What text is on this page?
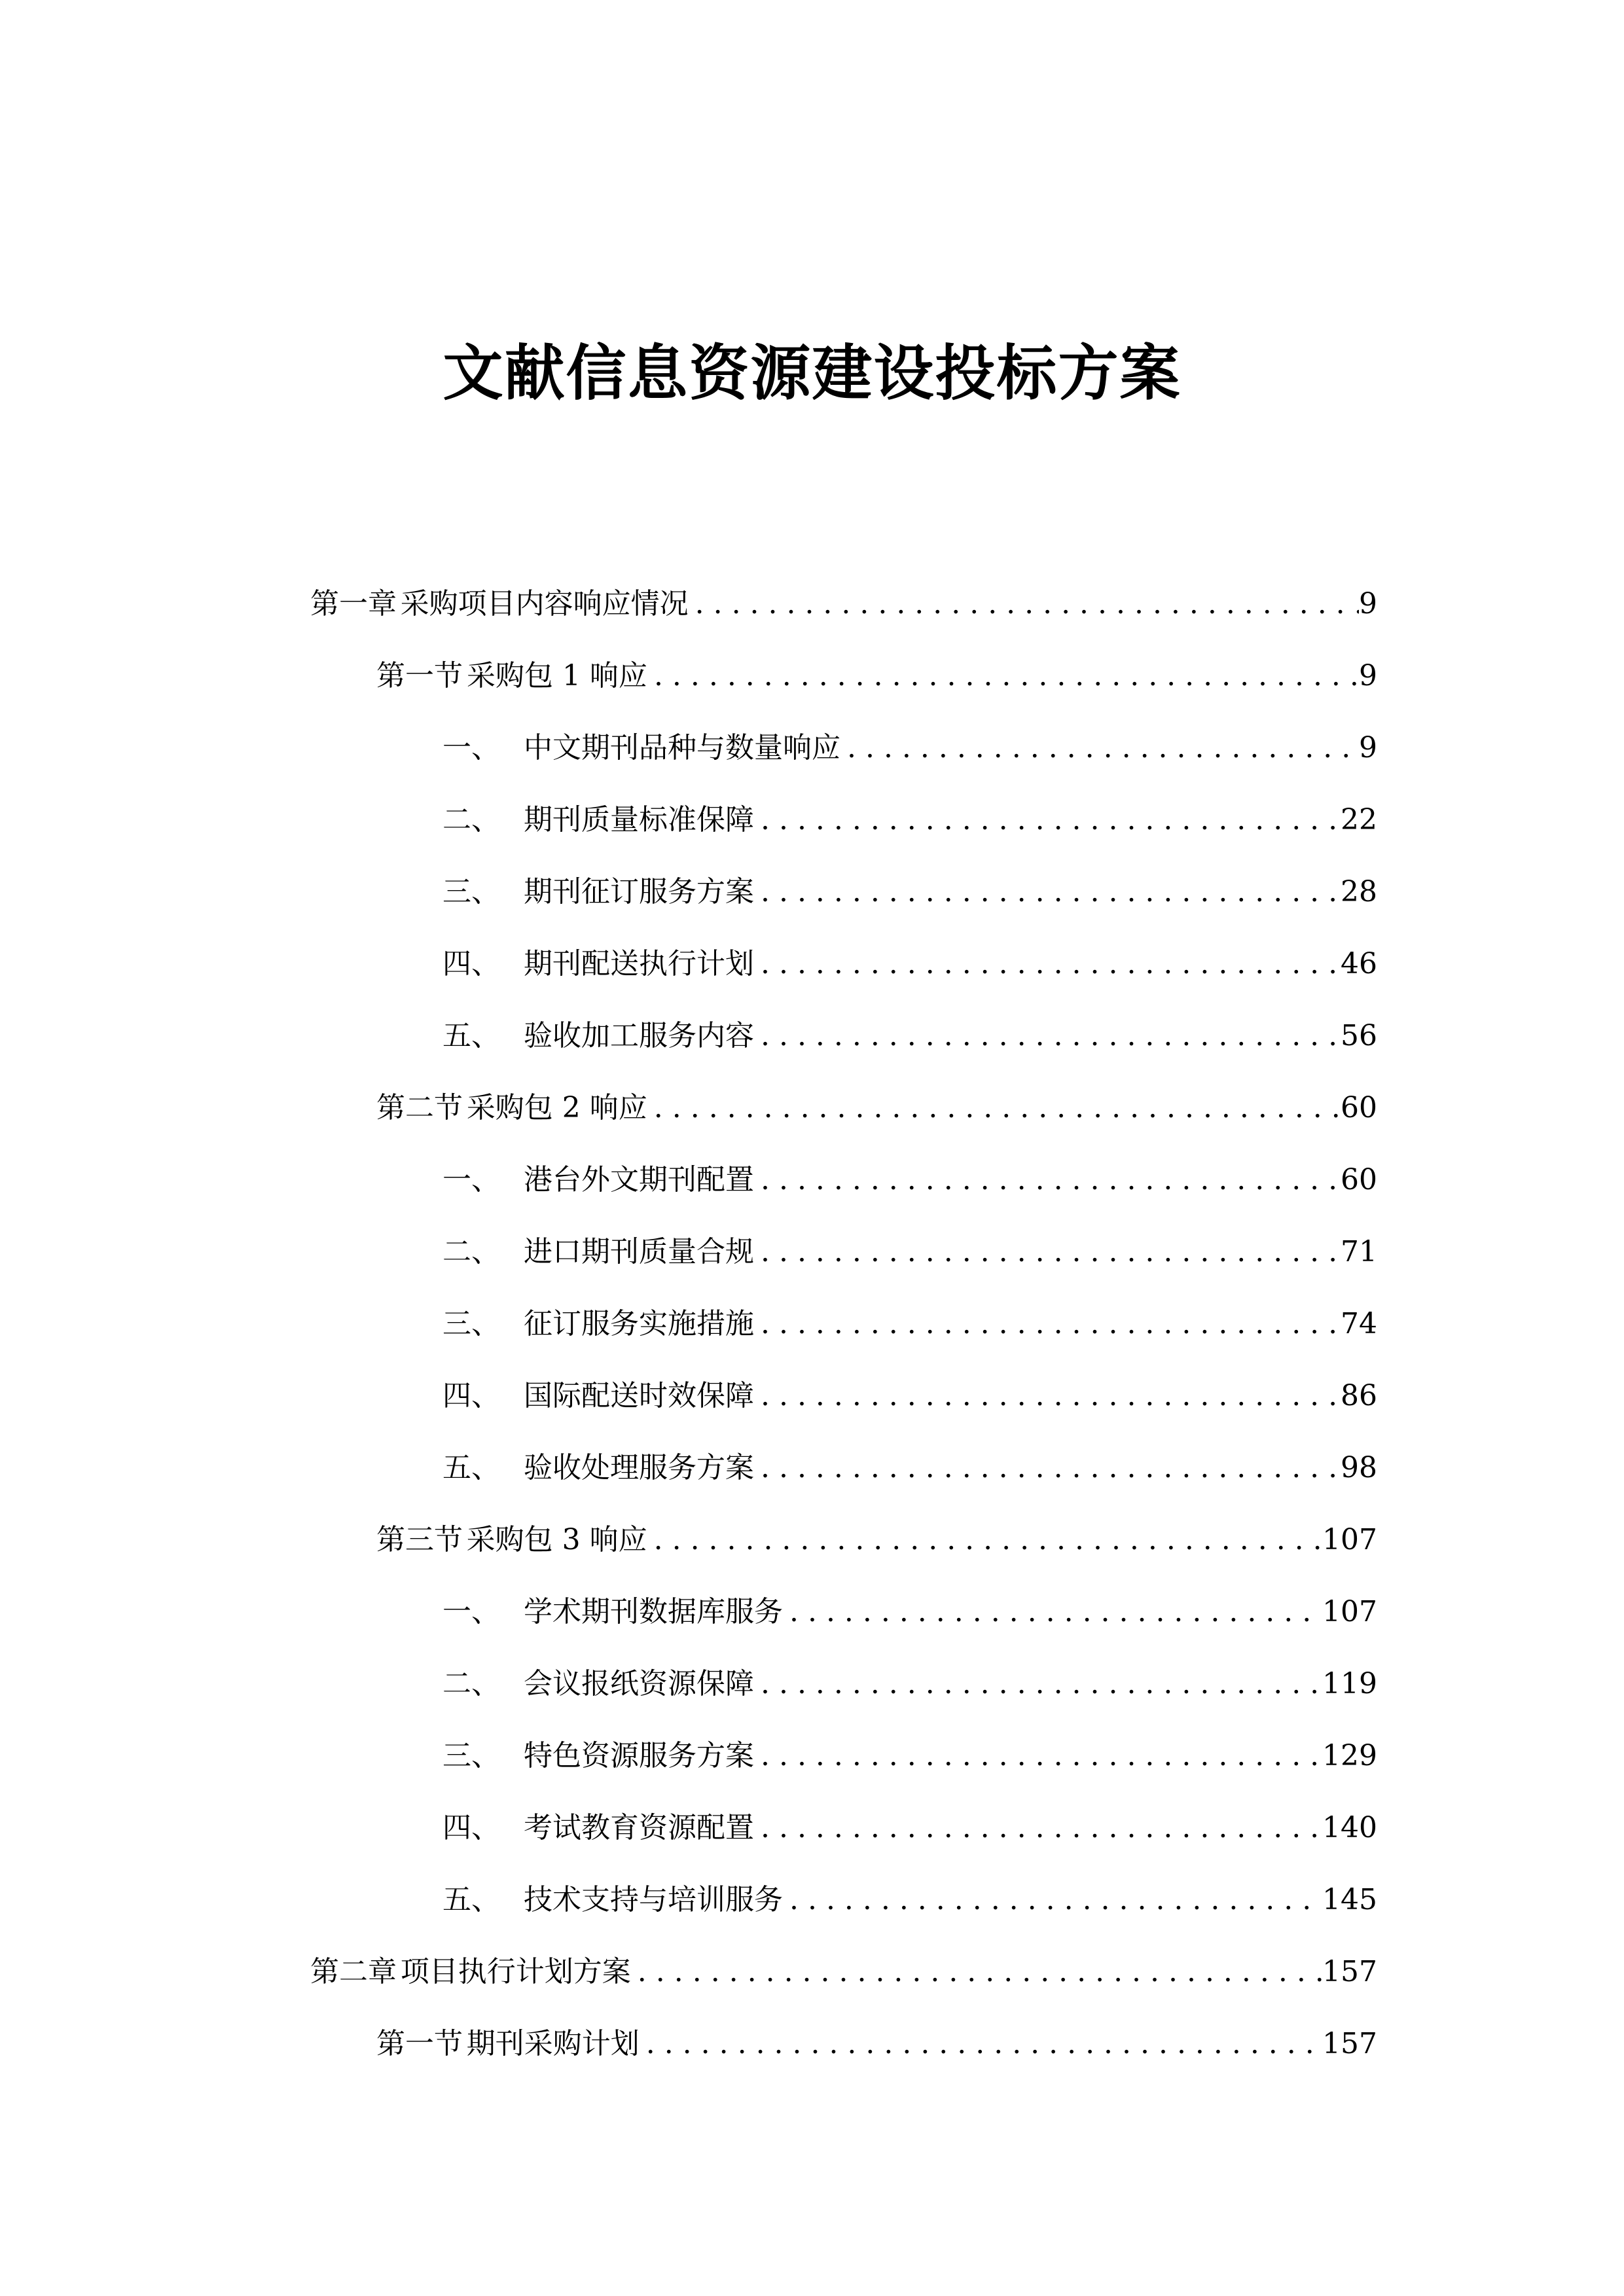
文献信息资源建设投标方案
第一章 采购项目内容响应情况 . . .	9
第一节 采购包 1 响应 . . .	9
一、 中文期刊品种与数量响应 . . .	9
二、 期刊质量标准保障 . . .	22
三、 期刊征订服务方案 . . .	28
四、 期刊配送执行计划 . . .	46
五、 验收加工服务内容 . . .	56
第二节 采购包 2 响应 . . .	60
一、 港台外文期刊配置 . . .	60
二、 进口期刊质量合规 . . .	71
三、 征订服务实施措施 . . .	74
四、 国际配送时效保障 . . .	86
五、 验收处理服务方案 . . .	98
第三节 采购包 3 响应 . . .	107
一、 学术期刊数据库服务 . . .	107
二、 会议报纸资源保障 . . .	119
三、 特色资源服务方案 . . .	129
四、 考试教育资源配置 . . .	140
五、 技术支持与培训服务 . . .	145
第二章 项目执行计划方案 . . .	157
第一节 期刊采购计划 . . .	157
